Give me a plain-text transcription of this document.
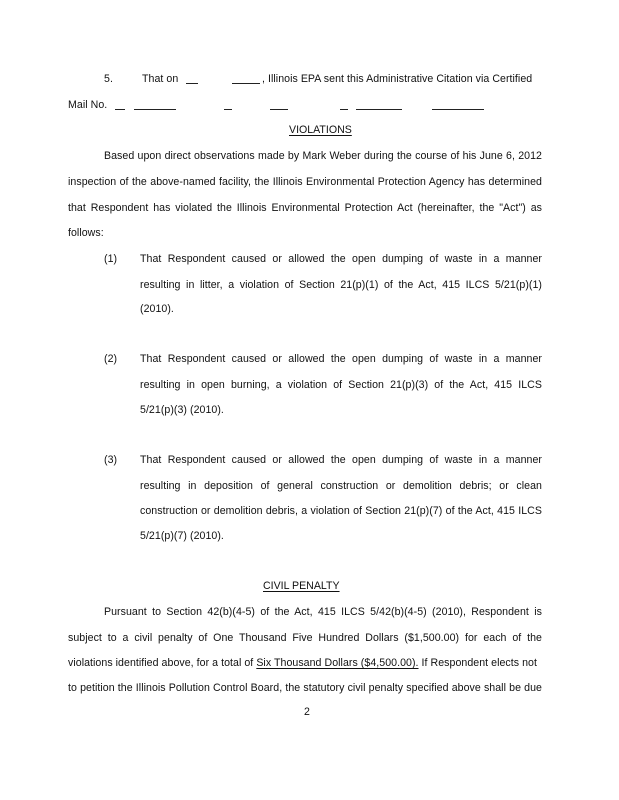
5.	That on	, Illinois EPA sent this Administrative Citation via Certified
Mail No.
VIOLATIONS
Based upon direct observations made by Mark Weber during the course of his June 6, 2012
inspection of the above-named facility, the Illinois Environmental Protection Agency has determined
that Respondent has violated the Illinois Environmental Protection Act (hereinafter, the "Act") as
follows:
(1) That Respondent caused or allowed the open dumping of waste in a manner
resulting in litter, a violation of Section 21(p)(1) of the Act, 415 ILCS 5/21(p)(1)
(2010).
(2) That Respondent caused or allowed the open dumping of waste in a manner
resulting in open burning, a violation of Section 21(p)(3) of the Act, 415 ILCS
5/21(p)(3) (2010).
(3) That Respondent caused or allowed the open dumping of waste in a manner
resulting in deposition of general construction or demolition debris; or clean
construction or demolition debris, a violation of Section 21(p)(7) of the Act, 415 ILCS
5/21(p)(7) (2010).
CIVIL PENALTY
Pursuant to Section 42(b)(4-5) of the Act, 415 ILCS 5/42(b)(4-5) (2010), Respondent is
subject to a civil penalty of One Thousand Five Hundred Dollars ($1,500.00) for each of the
violations identified above, for a total of Six Thousand Dollars ($4,500.00). If Respondent elects not
to petition the Illinois Pollution Control Board, the statutory civil penalty specified above shall be due
2
